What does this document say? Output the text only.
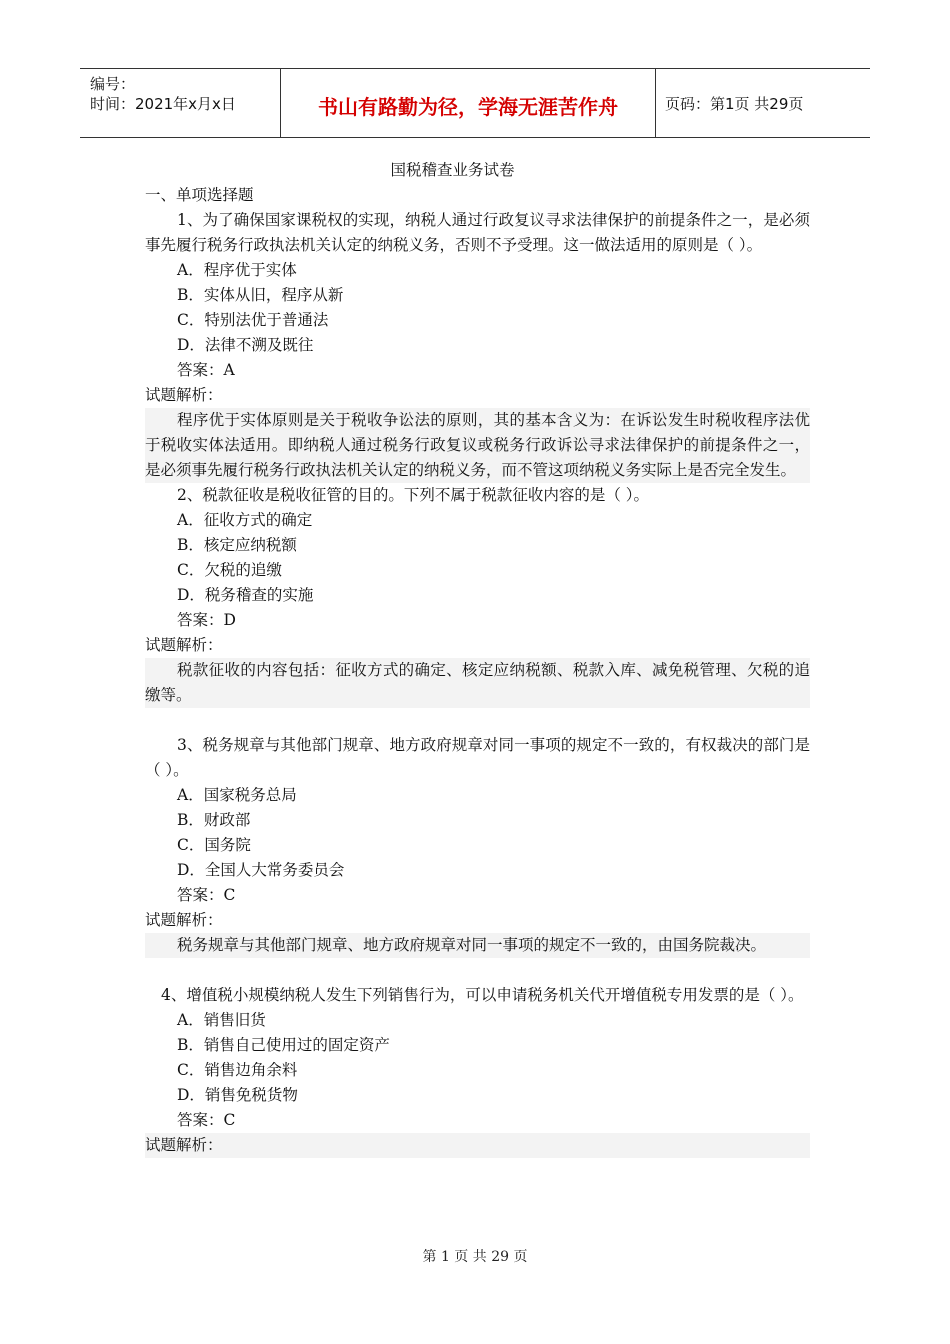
编号：
时间：2021年x月x日	书山有路勤为径，学海无涯苦作舟	页码：第1页 共29页
国税稽查业务试卷
一、单项选择题
1、为了确保国家课税权的实现，纳税人通过行政复议寻求法律保护的前提条件之一，是必须事先履行税务行政执法机关认定的纳税义务，否则不予受理。这一做法适用的原则是（ ）。
A．程序优于实体
B．实体从旧，程序从新
C．特别法优于普通法
D．法律不溯及既往
答案：A
试题解析：
程序优于实体原则是关于税收争讼法的原则，其的基本含义为：在诉讼发生时税收程序法优于税收实体法适用。即纳税人通过税务行政复议或税务行政诉讼寻求法律保护的前提条件之一，是必须事先履行税务行政执法机关认定的纳税义务，而不管这项纳税义务实际上是否完全发生。
2、税款征收是税收征管的目的。下列不属于税款征收内容的是（ ）。
A．征收方式的确定
B．核定应纳税额
C．欠税的追缴
D．税务稽查的实施
答案：D
试题解析：
税款征收的内容包括：征收方式的确定、核定应纳税额、税款入库、减免税管理、欠税的追缴等。
3、税务规章与其他部门规章、地方政府规章对同一事项的规定不一致的，有权裁决的部门是（ ）。
A．国家税务总局
B．财政部
C．国务院
D．全国人大常务委员会
答案：C
试题解析：
税务规章与其他部门规章、地方政府规章对同一事项的规定不一致的，由国务院裁决。
4、增值税小规模纳税人发生下列销售行为，可以申请税务机关代开增值税专用发票的是（ ）。
A．销售旧货
B．销售自己使用过的固定资产
C．销售边角余料
D．销售免税货物
答案：C
试题解析：
第 1 页 共 29 页
